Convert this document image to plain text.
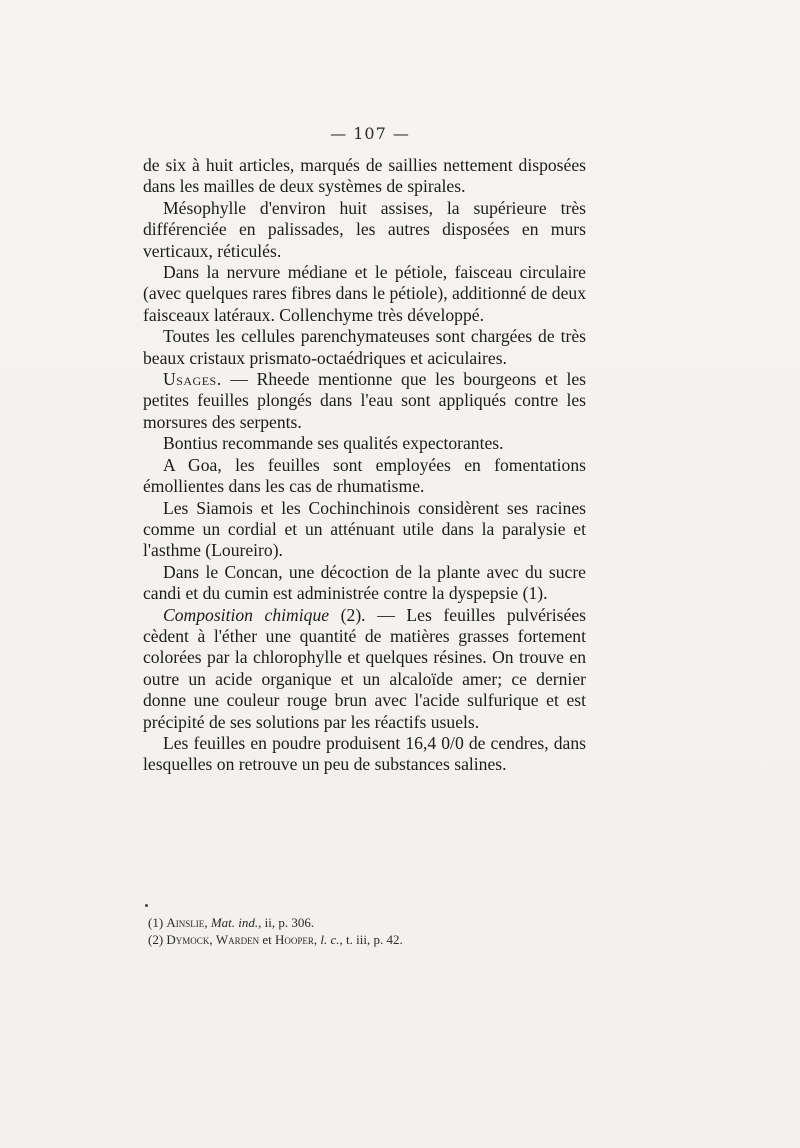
— 107 —

de six à huit articles, marqués de saillies nettement disposées dans les mailles de deux systèmes de spirales.

Mésophylle d'environ huit assises, la supérieure très différenciée en palissades, les autres disposées en murs verticaux, réticulés.

Dans la nervure médiane et le pétiole, faisceau circulaire (avec quelques rares fibres dans le pétiole), additionné de deux faisceaux latéraux. Collenchyme très développé.

Toutes les cellules parenchymateuses sont chargées de très beaux cristaux prismato-octaédriques et aciculaires.

Usages. — Rheede mentionne que les bourgeons et les petites feuilles plongés dans l'eau sont appliqués contre les morsures des serpents.

Bontius recommande ses qualités expectorantes.

A Goa, les feuilles sont employées en fomentations émollientes dans les cas de rhumatisme.

Les Siamois et les Cochinchinois considèrent ses racines comme un cordial et un atténuant utile dans la paralysie et l'asthme (Loureiro).

Dans le Concan, une décoction de la plante avec du sucre candi et du cumin est administrée contre la dyspepsie (1).

Composition chimique (2). — Les feuilles pulvérisées cèdent à l'éther une quantité de matières grasses fortement colorées par la chlorophylle et quelques résines. On trouve en outre un acide organique et un alcaloïde amer; ce dernier donne une couleur rouge brun avec l'acide sulfurique et est précipité de ses solutions par les réactifs usuels.

Les feuilles en poudre produisent 16,4 0/0 de cendres, dans lesquelles on retrouve un peu de substances salines.

(1) Ainslie, Mat. ind., ii, p. 306.
(2) Dymock, Warden et Hooper, l. c., t. iii, p. 42.
